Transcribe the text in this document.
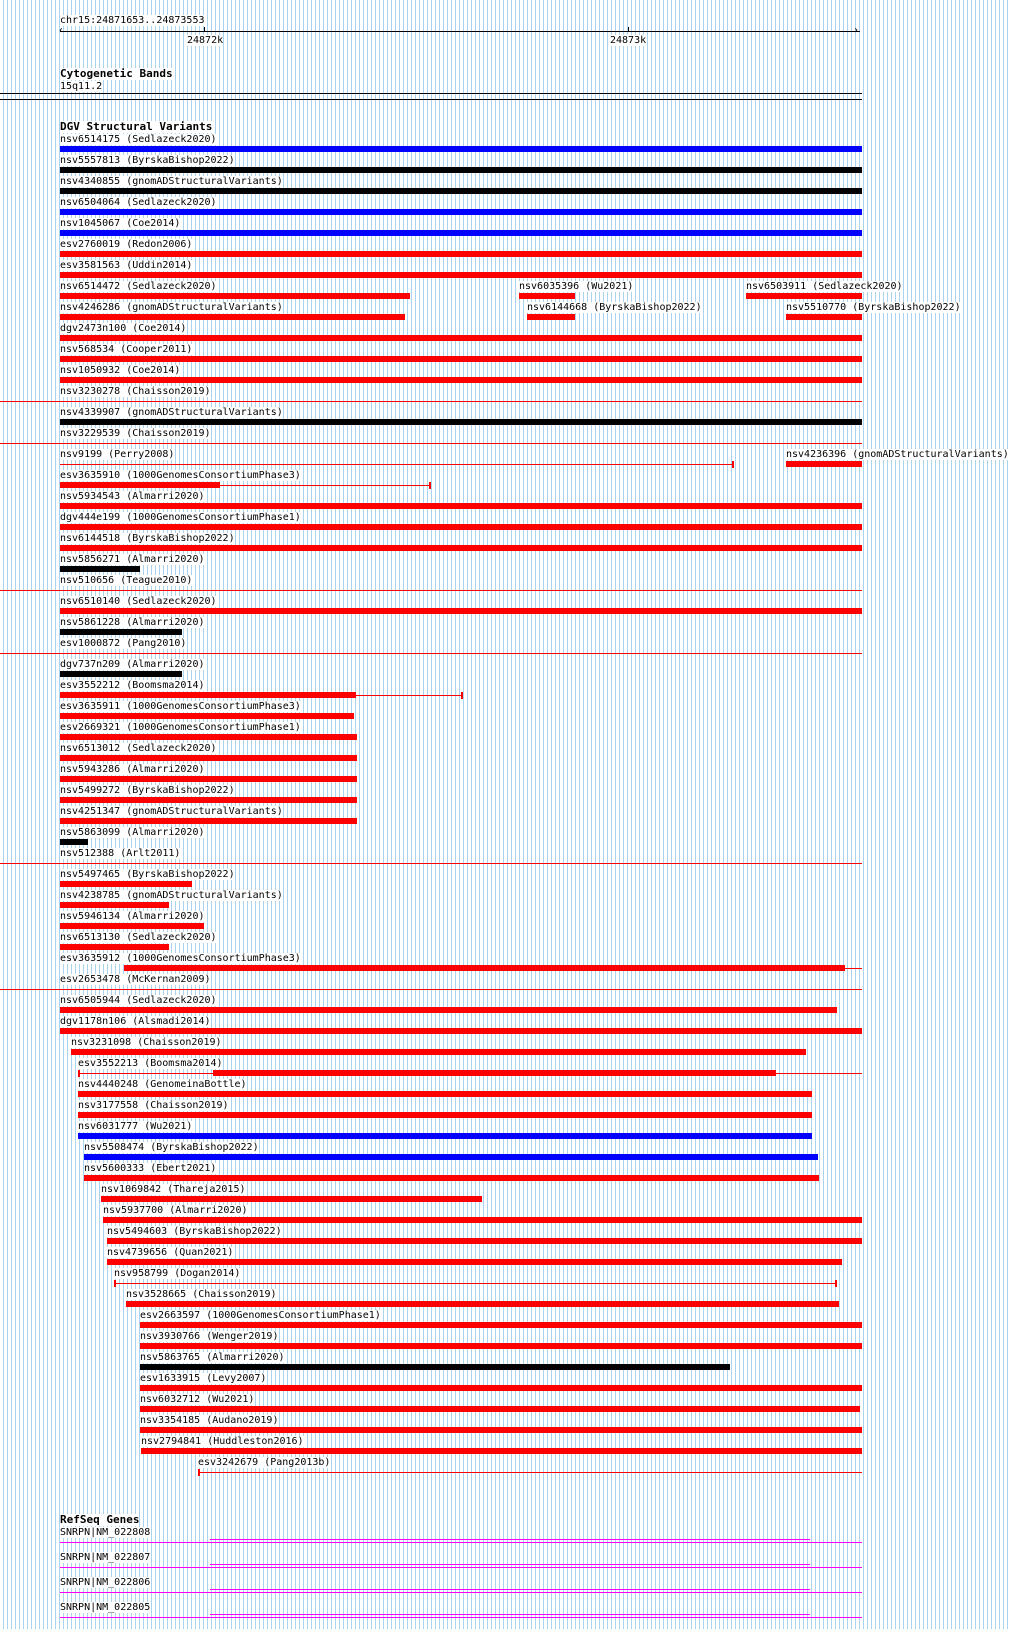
chr15:24871653..24873553
‹	›
24872k	24873k
Cytogenetic Bands
15q11.2
DGV Structural Variants
nsv6514175 (Sedlazeck2020)
nsv5557813 (ByrskaBishop2022)
nsv4340855 (gnomADStructuralVariants)
nsv6504064 (Sedlazeck2020)
nsv1045067 (Coe2014)
esv2760019 (Redon2006)
esv3581563 (Uddin2014)
nsv6514472 (Sedlazeck2020)	nsv6035396 (Wu2021)	nsv6503911 (Sedlazeck2020)
nsv4246286 (gnomADStructuralVariants)	nsv6144668 (ByrskaBishop2022)	nsv5510770 (ByrskaBishop2022)
dgv2473n100 (Coe2014)
nsv568534 (Cooper2011)
nsv1050932 (Coe2014)
nsv3230278 (Chaisson2019)
nsv4339907 (gnomADStructuralVariants)
nsv3229539 (Chaisson2019)
nsv9199 (Perry2008)	nsv4236396 (gnomADStructuralVariants)
esv3635910 (1000GenomesConsortiumPhase3)
nsv5934543 (Almarri2020)
dgv444e199 (1000GenomesConsortiumPhase1)
nsv6144518 (ByrskaBishop2022)
nsv5856271 (Almarri2020)
nsv510656 (Teague2010)
nsv6510140 (Sedlazeck2020)
nsv5861228 (Almarri2020)
esv1000872 (Pang2010)
dgv737n209 (Almarri2020)
esv3552212 (Boomsma2014)
esv3635911 (1000GenomesConsortiumPhase3)
esv2669321 (1000GenomesConsortiumPhase1)
nsv6513012 (Sedlazeck2020)
nsv5943286 (Almarri2020)
nsv5499272 (ByrskaBishop2022)
nsv4251347 (gnomADStructuralVariants)
nsv5863099 (Almarri2020)
nsv512388 (Arlt2011)
nsv5497465 (ByrskaBishop2022)
nsv4238785 (gnomADStructuralVariants)
nsv5946134 (Almarri2020)
nsv6513130 (Sedlazeck2020)
esv3635912 (1000GenomesConsortiumPhase3)
esv2653478 (McKernan2009)
nsv6505944 (Sedlazeck2020)
dgv1178n106 (Alsmadi2014)
nsv3231098 (Chaisson2019)
esv3552213 (Boomsma2014)
nsv4440248 (GenomeinaBottle)
nsv3177558 (Chaisson2019)
nsv6031777 (Wu2021)
nsv5508474 (ByrskaBishop2022)
nsv5600333 (Ebert2021)
nsv1069842 (Thareja2015)
nsv5937700 (Almarri2020)
nsv5494603 (ByrskaBishop2022)
nsv4739656 (Quan2021)
nsv958799 (Dogan2014)
nsv3528665 (Chaisson2019)
esv2663597 (1000GenomesConsortiumPhase1)
nsv3930766 (Wenger2019)
nsv5863765 (Almarri2020)
esv1633915 (Levy2007)
nsv6032712 (Wu2021)
nsv3354185 (Audano2019)
nsv2794841 (Huddleston2016)
esv3242679 (Pang2013b)
RefSeq Genes
SNRPN|NM_022808
SNRPN|NM_022807
SNRPN|NM_022806
SNRPN|NM_022805
